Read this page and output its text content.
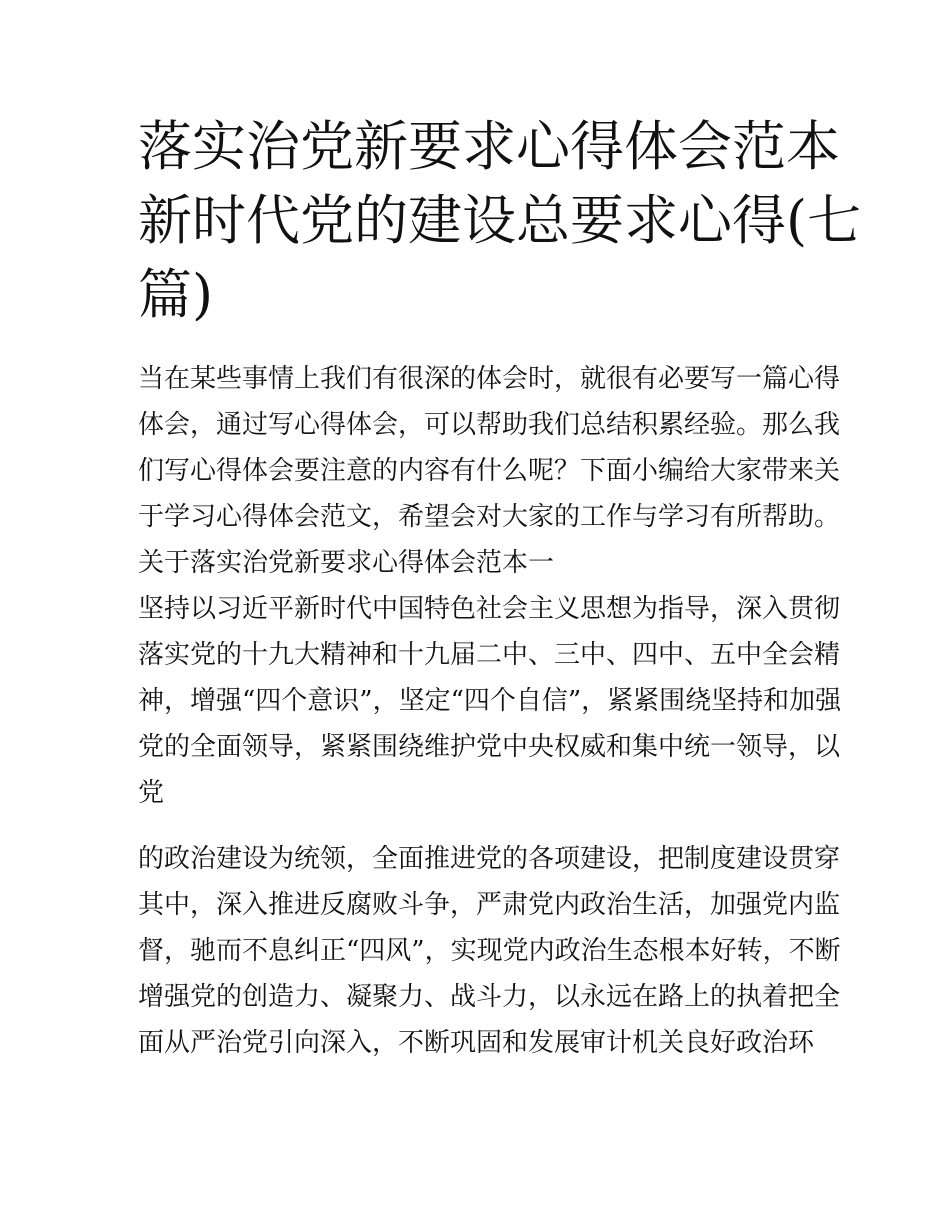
落实治党新要求心得体会范本
新时代党的建设总要求心得(七
篇)
当在某些事情上我们有很深的体会时，就很有必要写一篇心得
体会，通过写心得体会，可以帮助我们总结积累经验。那么我
们写心得体会要注意的内容有什么呢？下面小编给大家带来关
于学习心得体会范文，希望会对大家的工作与学习有所帮助。
关于落实治党新要求心得体会范本一
坚持以习近平新时代中国特色社会主义思想为指导，深入贯彻
落实党的十九大精神和十九届二中、三中、四中、五中全会精
神，增强“四个意识”，坚定“四个自信”，紧紧围绕坚持和加强
党的全面领导，紧紧围绕维护党中央权威和集中统一领导，以
党
的政治建设为统领，全面推进党的各项建设，把制度建设贯穿
其中，深入推进反腐败斗争，严肃党内政治生活，加强党内监
督，驰而不息纠正“四风”，实现党内政治生态根本好转，不断
增强党的创造力、凝聚力、战斗力，以永远在路上的执着把全
面从严治党引向深入，不断巩固和发展审计机关良好政治环
